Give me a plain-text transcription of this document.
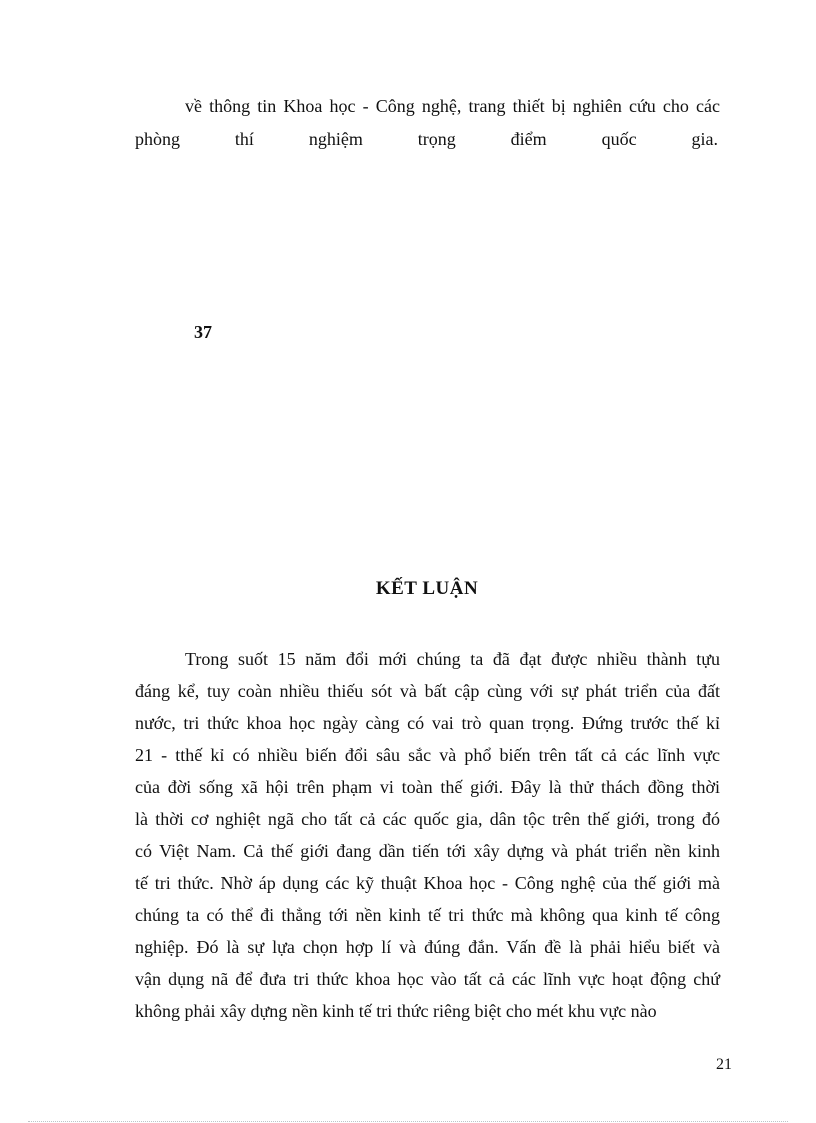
về thông tin Khoa học - Công nghệ, trang thiết bị nghiên cứu cho các
phòng thí nghiệm trọng điểm quốc gia.
37
KẾT LUẬN
Trong suốt 15 năm đổi mới chúng ta đã đạt được nhiều thành tựu
đáng kể, tuy coàn nhiều thiếu sót và bất cập cùng với sự phát triển của đất
nước, tri thức khoa học ngày càng có vai trò quan trọng. Đứng trước thế kỉ
21 - tthế kỉ có nhiều biến đổi sâu sắc và phổ biến trên tất cả các lĩnh vực
của đời sống xã hội trên phạm vi toàn thế giới. Đây là thử thách đồng thời
là thời cơ nghiệt ngã cho tất cả các quốc gia, dân tộc trên thế giới, trong đó
có Việt Nam. Cả thế giới đang dần tiến tới xây dựng và phát triển nền kinh
tế tri thức. Nhờ áp dụng các kỹ thuật Khoa học - Công nghệ của thế giới mà
chúng ta có thể đi thẳng tới nền kinh tế tri thức mà không qua kinh tế công
nghiệp. Đó là sự lựa chọn hợp lí và đúng đắn. Vấn đề là phải hiểu biết và
vận dụng nã để đưa tri thức khoa học vào tất cả các lĩnh vực hoạt động chứ
không phải xây dựng nền kinh tế tri thức riêng biệt cho mét khu vực nào
21
